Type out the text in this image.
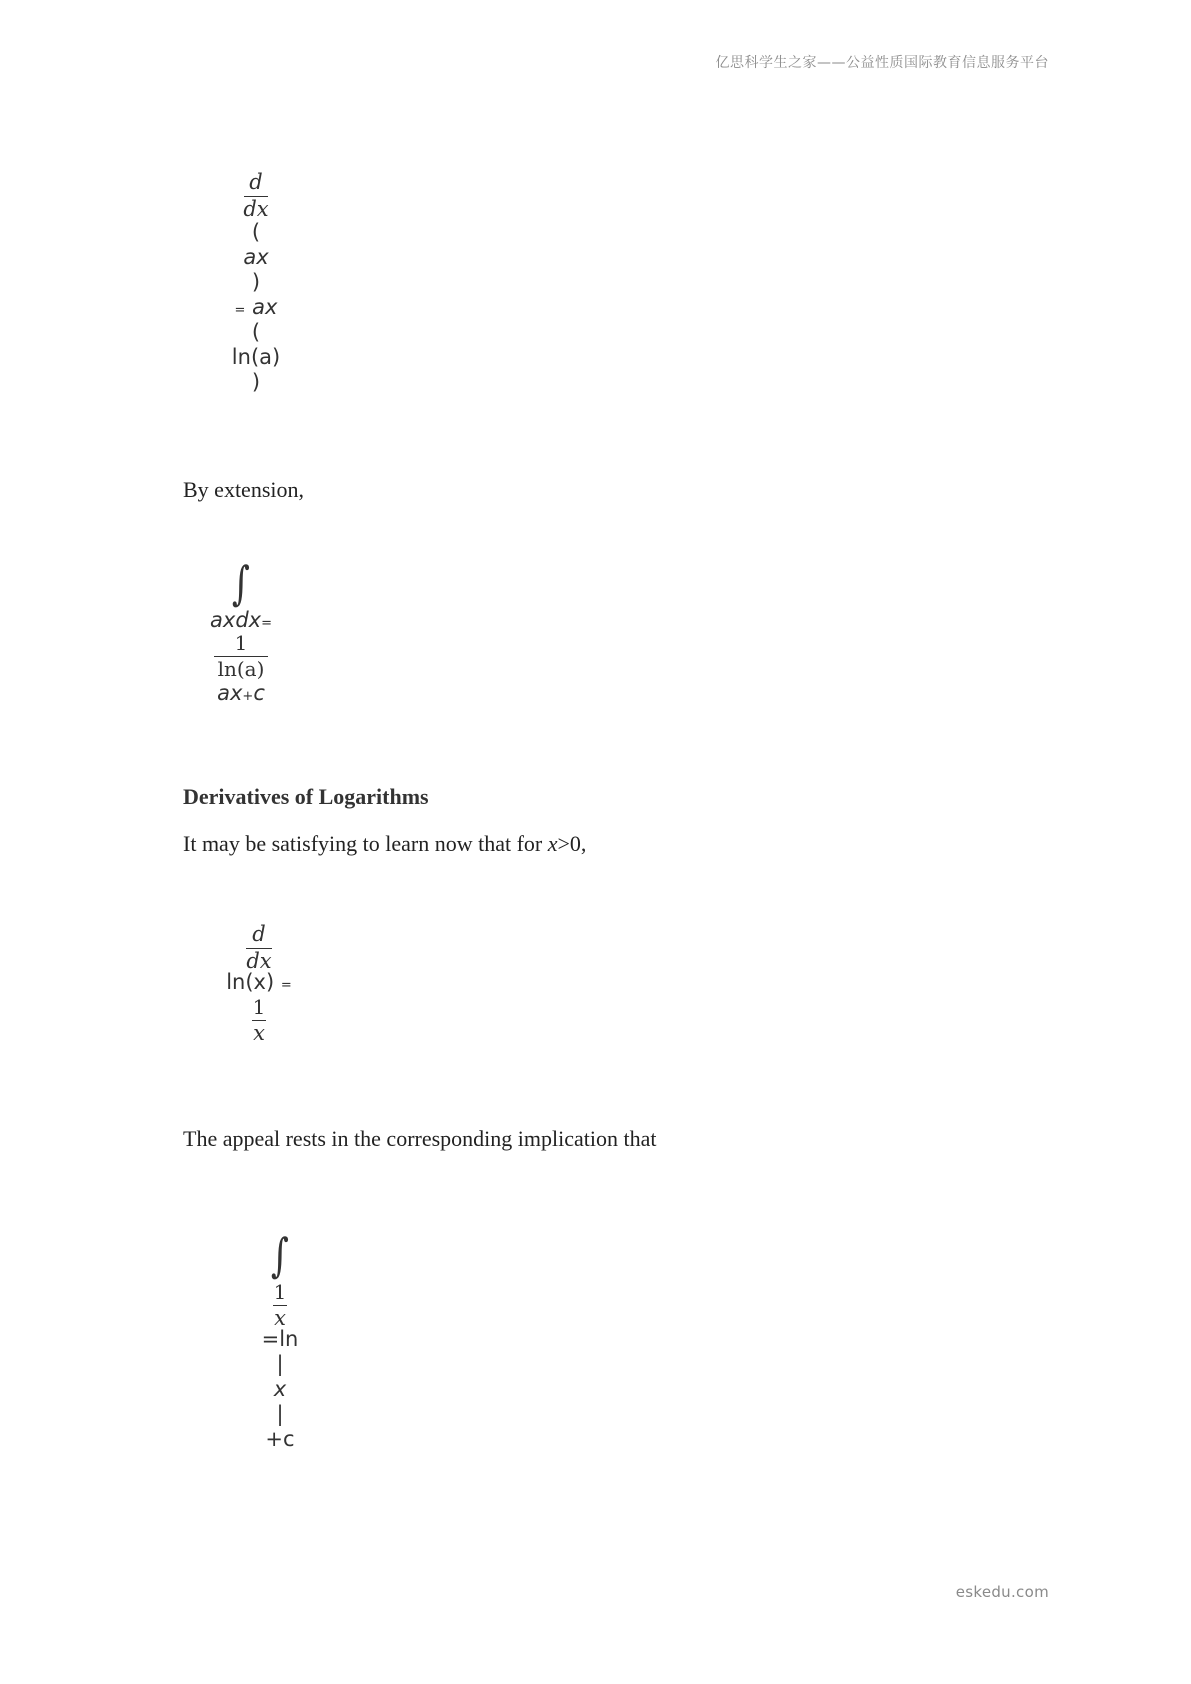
亿思科学生之家——公益性质国际教育信息服务平台
$\frac{d}{dx}$
(
ax
)
= ax
(
ln(a)
)
By extension,
∫
axdx=
$\frac{1}{\ln(a)}$
ax+c
Derivatives of Logarithms
It may be satisfying to learn now that for x>0,
$\frac{d}{dx}$
ln(x) =
$\frac{1}{x}$
The appeal rests in the corresponding implication that
∫
$\frac{1}{x}$
=ln
|
x
|
+c
eskedu.com
